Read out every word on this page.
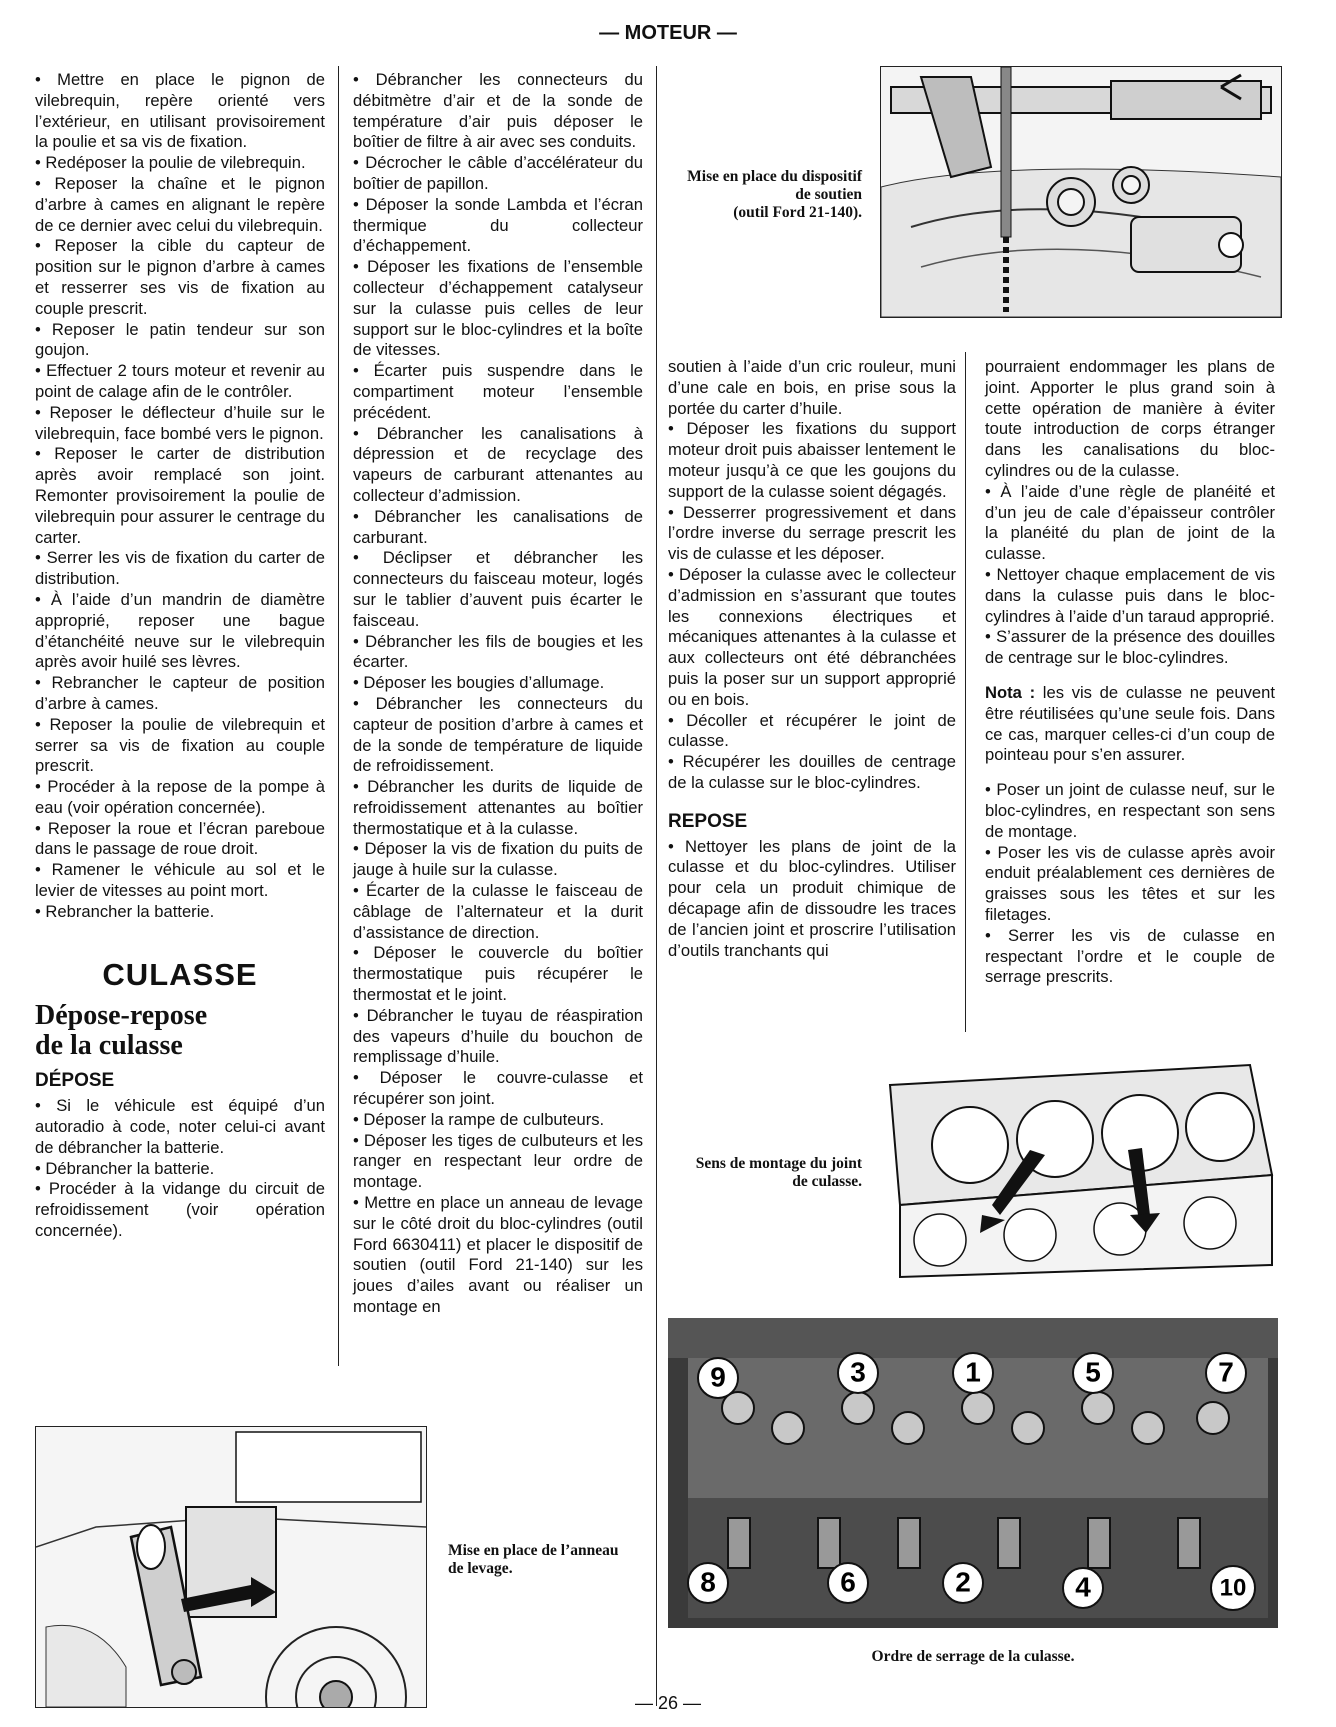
— MOTEUR —

• Mettre en place le pignon de vilebrequin, repère orienté vers l’extérieur, en utilisant provisoirement la poulie et sa vis de fixation.

• Redéposer la poulie de vilebrequin.

• Reposer la chaîne et le pignon d’arbre à cames en alignant le repère de ce dernier avec celui du vilebrequin.

• Reposer la cible du capteur de position sur le pignon d’arbre à cames et resserrer ses vis de fixation au couple prescrit.

• Reposer le patin tendeur sur son goujon.

• Effectuer 2 tours moteur et revenir au point de calage afin de le contrôler.

• Reposer le déflecteur d’huile sur le vilebrequin, face bombé vers le pignon.

• Reposer le carter de distribution après avoir remplacé son joint. Remonter provisoirement la poulie de vilebrequin pour assurer le centrage du carter.

• Serrer les vis de fixation du carter de distribution.

• À l’aide d’un mandrin de diamètre approprié, reposer une bague d’étanchéité neuve sur le vilebrequin après avoir huilé ses lèvres.

• Rebrancher le capteur de position d’arbre à cames.

• Reposer la poulie de vilebrequin et serrer sa vis de fixation au couple prescrit.

• Procéder à la repose de la pompe à eau (voir opération concernée).

• Reposer la roue et l’écran pareboue dans le passage de roue droit.

• Ramener le véhicule au sol et le levier de vitesses au point mort.

• Rebrancher la batterie.

CULASSE
Dépose-repose
de la culasse
DÉPOSE

• Si le véhicule est équipé d’un autoradio à code, noter celui-ci avant de débrancher la batterie.

• Débrancher la batterie.

• Procéder à la vidange du circuit de refroidissement (voir opération concernée).

• Débrancher les connecteurs du débitmètre d’air et de la sonde de température d’air puis déposer le boîtier de filtre à air avec ses conduits.

• Décrocher le câble d’accélérateur du boîtier de papillon.

• Déposer la sonde Lambda et l’écran thermique du collecteur d’échappement.

• Déposer les fixations de l’ensemble collecteur d’échappement catalyseur sur la culasse puis celles de leur support sur le bloc-cylindres et la boîte de vitesses.

• Écarter puis suspendre dans le compartiment moteur l’ensemble précédent.

• Débrancher les canalisations à dépression et de recyclage des vapeurs de carburant attenantes au collecteur d’admission.

• Débrancher les canalisations de carburant.

• Déclipser et débrancher les connecteurs du faisceau moteur, logés sur le tablier d’auvent puis écarter le faisceau.

• Débrancher les fils de bougies et les écarter.

• Déposer les bougies d’allumage.

• Débrancher les connecteurs du capteur de position d’arbre à cames et de la sonde de température de liquide de refroidissement.

• Débrancher les durits de liquide de refroidissement attenantes au boîtier thermostatique et à la culasse.

• Déposer la vis de fixation du puits de jauge à huile sur la culasse.

• Écarter de la culasse le faisceau de câblage de l’alternateur et la durit d’assistance de direction.

• Déposer le couvercle du boîtier thermostatique puis récupérer le thermostat et le joint.

• Débrancher le tuyau de réaspiration des vapeurs d’huile du bouchon de remplissage d’huile.

• Déposer le couvre-culasse et récupérer son joint.

• Déposer la rampe de culbuteurs.

• Déposer les tiges de culbuteurs et les ranger en respectant leur ordre de montage.

• Mettre en place un anneau de levage sur le côté droit du bloc-cylindres (outil Ford 6630411) et placer le dispositif de soutien (outil Ford 21-140) sur les joues d’ailes avant ou réaliser un montage en

soutien à l’aide d’un cric rouleur, muni d’une cale en bois, en prise sous la portée du carter d’huile.

• Déposer les fixations du support moteur droit puis abaisser lentement le moteur jusqu’à ce que les goujons du support de la culasse soient dégagés.

• Desserrer progressivement et dans l’ordre inverse du serrage prescrit les vis de culasse et les déposer.

• Déposer la culasse avec le collecteur d’admission en s’assurant que toutes les connexions électriques et mécaniques attenantes à la culasse et aux collecteurs ont été débranchées puis la poser sur un support approprié ou en bois.

• Décoller et récupérer le joint de culasse.

• Récupérer les douilles de centrage de la culasse sur le bloc-cylindres.

REPOSE

• Nettoyer les plans de joint de la culasse et du bloc-cylindres. Utiliser pour cela un produit chimique de décapage afin de dissoudre les traces de l’ancien joint et proscrire l’utilisation d’outils tranchants qui

pourraient endommager les plans de joint. Apporter le plus grand soin à cette opération de manière à éviter toute introduction de corps étranger dans les canalisations du bloc-cylindres ou de la culasse.

• À l’aide d’une règle de planéité et d’un jeu de cale d’épaisseur contrôler la planéité du plan de joint de la culasse.

• Nettoyer chaque emplacement de vis dans la culasse puis dans le bloc-cylindres à l’aide d’un taraud approprié.

• S’assurer de la présence des douilles de centrage sur le bloc-cylindres.

Nota : les vis de culasse ne peuvent être réutilisées qu’une seule fois. Dans ce cas, marquer celles-ci d’un coup de pointeau pour s’en assurer.

• Poser un joint de culasse neuf, sur le bloc-cylindres, en respectant son sens de montage.

• Poser les vis de culasse après avoir enduit préalablement ces dernières de graisses sous les têtes et sur les filetages.

• Serrer les vis de culasse en respectant l’ordre et le couple de serrage prescrits.

Mise en place du dispositif
de soutien
(outil Ford 21-140).
Sens de montage du joint
de culasse.
Mise en place de l’anneau
de levage.
9	3	1	5	7
8	6	2	4	10
Ordre de serrage de la culasse.
— 26 —
